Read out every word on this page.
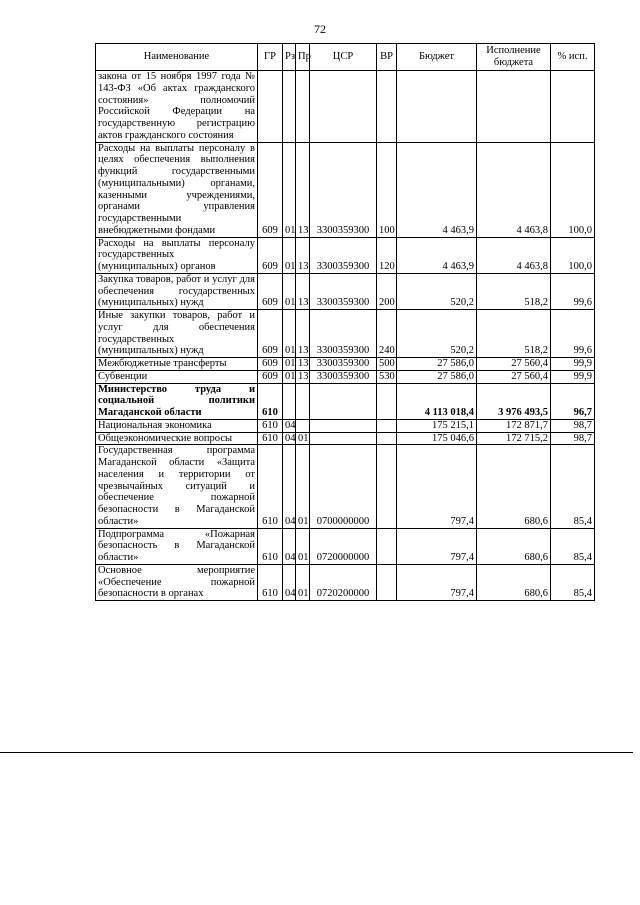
72
Наименование	ГР	Рз	Пр	ЦСР	ВР	Бюджет	Исполнение бюджета	% исп.
закона от 15 ноября 1997 года № 143-ФЗ «Об актах гражданского состояния» полномочий Российской Федерации на государственную регистрацию актов гражданского состояния								
Расходы на выплаты персоналу в целях обеспечения выполнения функций государственными (муниципальными) органами, казенными учреждениями, органами управления государственными внебюджетными фондами	609	01	13	3300359300	100	4 463,9	4 463,8	100,0
Расходы на выплаты персоналу государственных (муниципальных) органов	609	01	13	3300359300	120	4 463,9	4 463,8	100,0
Закупка товаров, работ и услуг для обеспечения государственных (муниципальных) нужд	609	01	13	3300359300	200	520,2	518,2	99,6
Иные закупки товаров, работ и услуг для обеспечения государственных (муниципальных) нужд	609	01	13	3300359300	240	520,2	518,2	99,6
Межбюджетные трансферты	609	01	13	3300359300	500	27 586,0	27 560,4	99,9
Субвенции	609	01	13	3300359300	530	27 586,0	27 560,4	99,9
Министерство труда и социальной политики Магаданской области	610					4 113 018,4	3 976 493,5	96,7
Национальная экономика	610	04				175 215,1	172 871,7	98,7
Общеэкономические вопросы	610	04	01			175 046,6	172 715,2	98,7
Государственная программа Магаданской области «Защита населения и территории от чрезвычайных ситуаций и обеспечение пожарной безопасности в Магаданской области»	610	04	01	0700000000		797,4	680,6	85,4
Подпрограмма «Пожарная безопасность в Магаданской области»	610	04	01	0720000000		797,4	680,6	85,4
Основное мероприятие «Обеспечение пожарной безопасности в органах	610	04	01	0720200000		797,4	680,6	85,4
